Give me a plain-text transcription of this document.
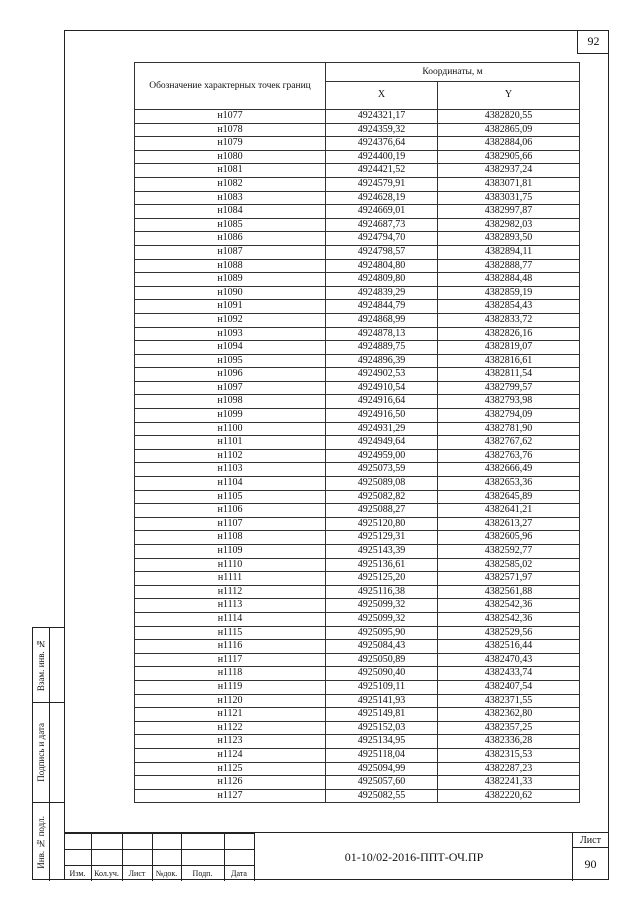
92
Обозначение характерных точек границ	Координаты, м	
	X	Y
н1077	4924321,17	4382820,55
н1078	4924359,32	4382865,09
н1079	4924376,64	4382884,06
н1080	4924400,19	4382905,66
н1081	4924421,52	4382937,24
н1082	4924579,91	4383071,81
н1083	4924628,19	4383031,75
н1084	4924669,01	4382997,87
н1085	4924687,73	4382982,03
н1086	4924794,70	4382893,50
н1087	4924798,57	4382894,11
н1088	4924804,80	4382888,77
н1089	4924809,80	4382884,48
н1090	4924839,29	4382859,19
н1091	4924844,79	4382854,43
н1092	4924868,99	4382833,72
н1093	4924878,13	4382826,16
н1094	4924889,75	4382819,07
н1095	4924896,39	4382816,61
н1096	4924902,53	4382811,54
н1097	4924910,54	4382799,57
н1098	4924916,64	4382793,98
н1099	4924916,50	4382794,09
н1100	4924931,29	4382781,90
н1101	4924949,64	4382767,62
н1102	4924959,00	4382763,76
н1103	4925073,59	4382666,49
н1104	4925089,08	4382653,36
н1105	4925082,82	4382645,89
н1106	4925088,27	4382641,21
н1107	4925120,80	4382613,27
н1108	4925129,31	4382605,96
н1109	4925143,39	4382592,77
н1110	4925136,61	4382585,02
н1111	4925125,20	4382571,97
н1112	4925116,38	4382561,88
н1113	4925099,32	4382542,36
н1114	4925099,32	4382542,36
н1115	4925095,90	4382529,56
н1116	4925084,43	4382516,44
н1117	4925050,89	4382470,43
н1118	4925090,40	4382433,74
н1119	4925109,11	4382407,54
н1120	4925141,93	4382371,55
н1121	4925149,81	4382362,80
н1122	4925152,03	4382357,25
н1123	4925134,95	4382336,28
н1124	4925118,04	4382315,53
н1125	4925094,99	4382287,23
н1126	4925057,60	4382241,33
н1127	4925082,55	4382220,62
Взам. инв. №
Подпись и дата
Инв. № подл.
Изм.	Кол.уч.	Лист	№док.	Подп.	Дата
01-10/02-2016-ППТ-ОЧ.ПР
Лист
90
